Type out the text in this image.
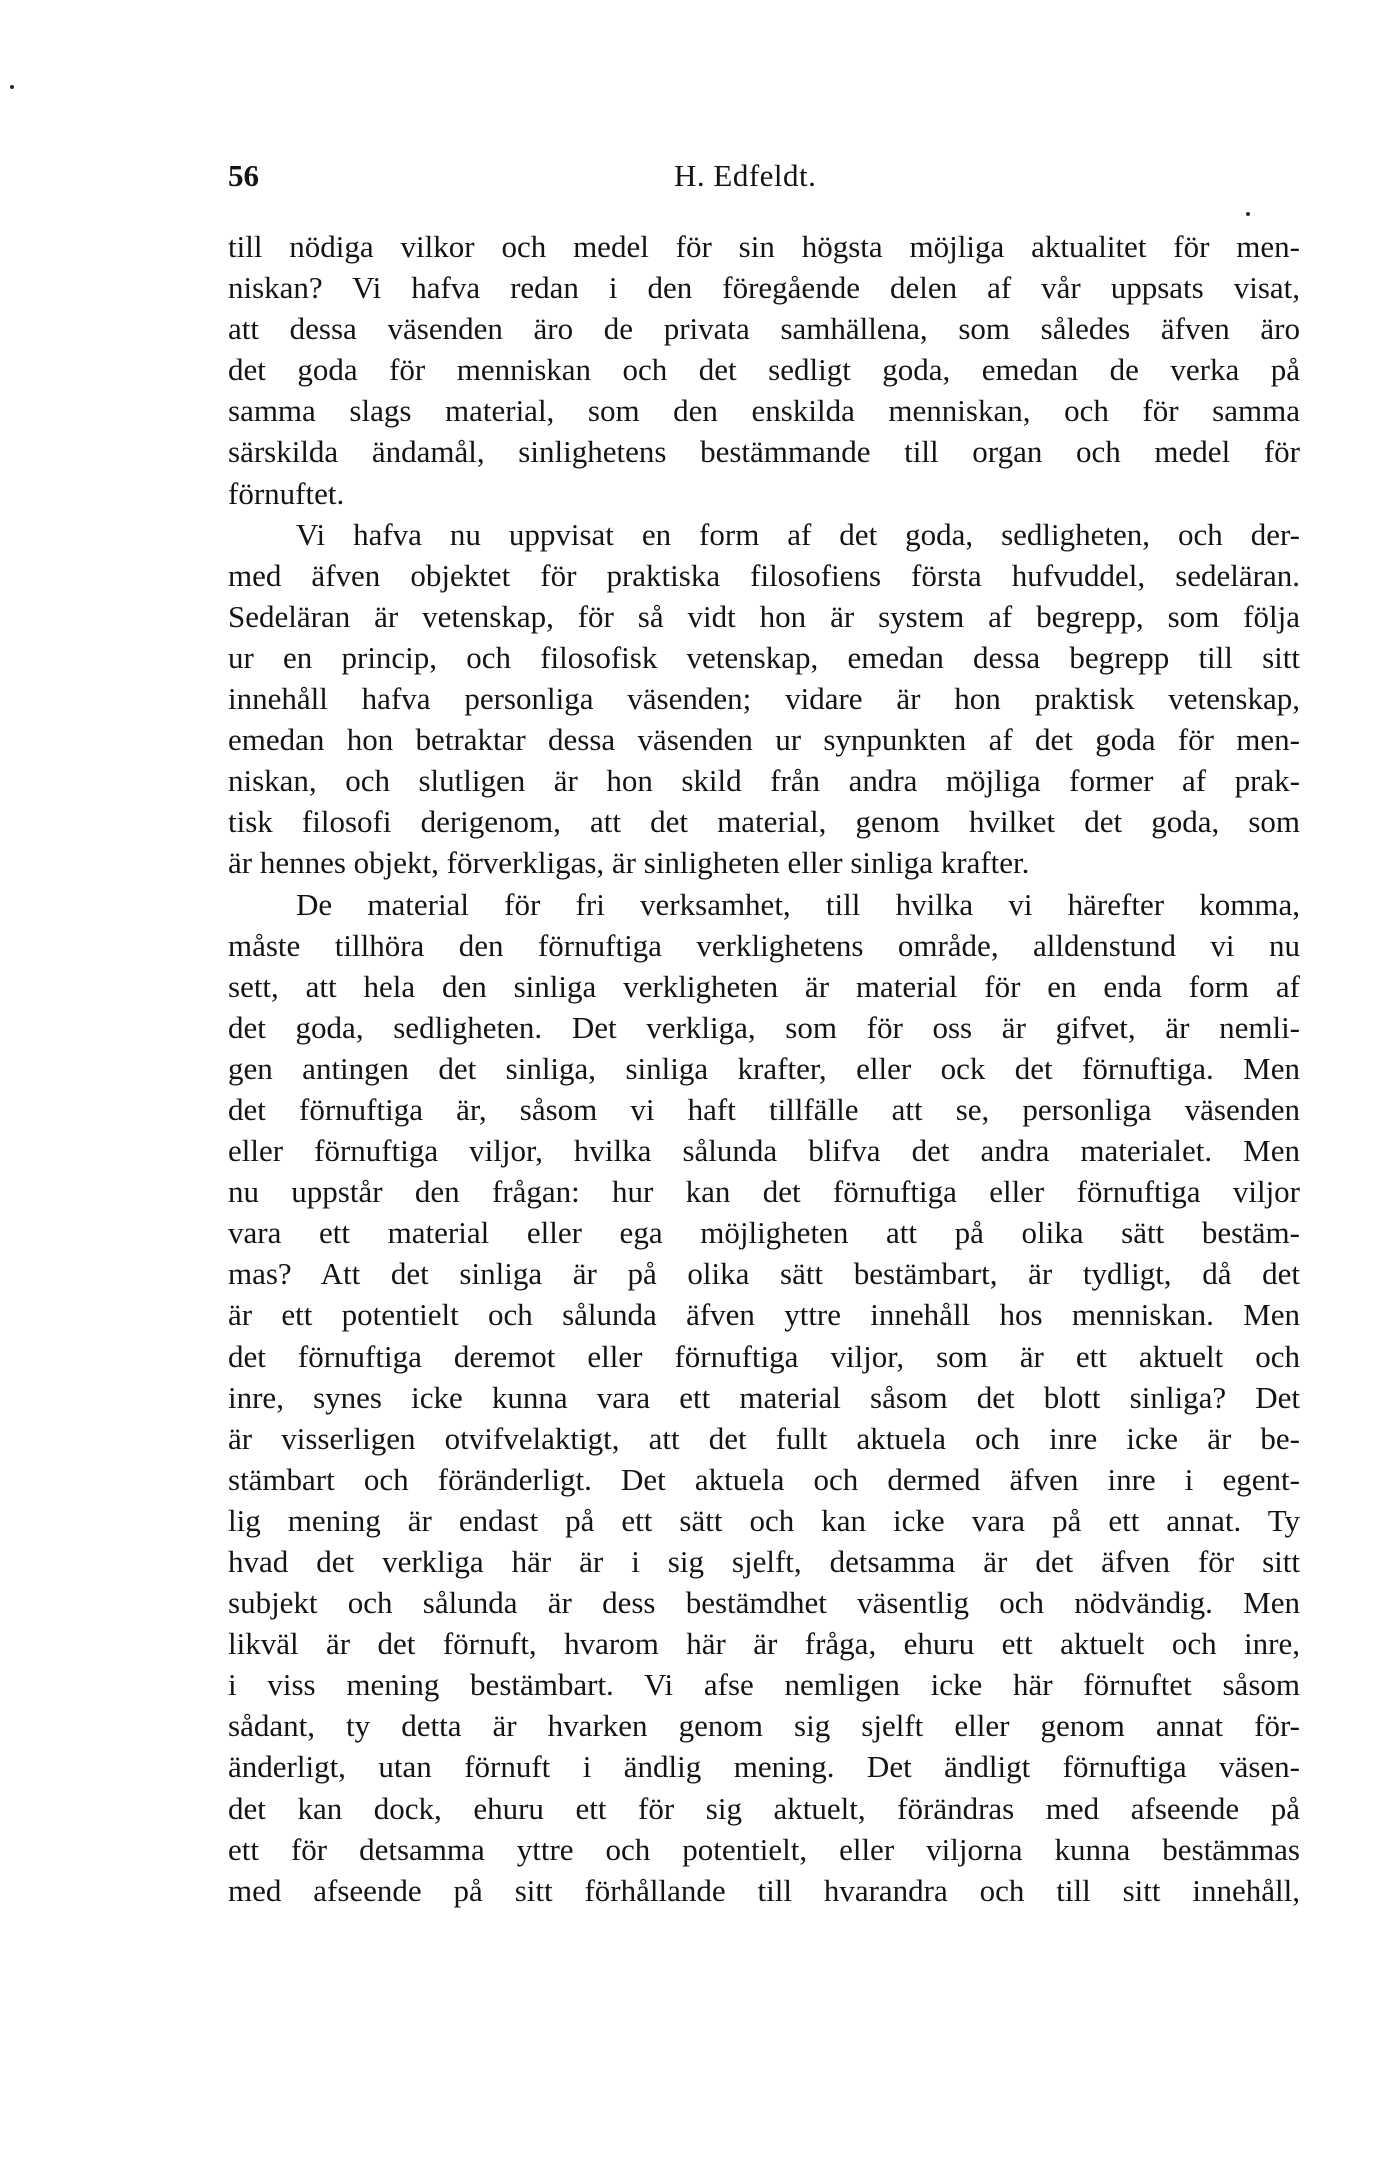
56	H. Edfeldt.
till nödiga vilkor och medel för sin högsta möjliga aktualitet för men-
niskan? Vi hafva redan i den föregående delen af vår uppsats visat,
att dessa väsenden äro de privata samhällena, som således äfven äro
det goda för menniskan och det sedligt goda, emedan de verka på
samma slags material, som den enskilda menniskan, och för samma
särskilda ändamål, sinlighetens bestämmande till organ och medel för
förnuftet.
Vi hafva nu uppvisat en form af det goda, sedligheten, och der-
med äfven objektet för praktiska filosofiens första hufvuddel, sedeläran.
Sedeläran är vetenskap, för så vidt hon är system af begrepp, som följa
ur en princip, och filosofisk vetenskap, emedan dessa begrepp till sitt
innehåll hafva personliga väsenden; vidare är hon praktisk vetenskap,
emedan hon betraktar dessa väsenden ur synpunkten af det goda för men-
niskan, och slutligen är hon skild från andra möjliga former af prak-
tisk filosofi derigenom, att det material, genom hvilket det goda, som
är hennes objekt, förverkligas, är sinligheten eller sinliga krafter.
De material för fri verksamhet, till hvilka vi härefter komma,
måste tillhöra den förnuftiga verklighetens område, alldenstund vi nu
sett, att hela den sinliga verkligheten är material för en enda form af
det goda, sedligheten. Det verkliga, som för oss är gifvet, är nemli-
gen antingen det sinliga, sinliga krafter, eller ock det förnuftiga. Men
det förnuftiga är, såsom vi haft tillfälle att se, personliga väsenden
eller förnuftiga viljor, hvilka sålunda blifva det andra materialet. Men
nu uppstår den frågan: hur kan det förnuftiga eller förnuftiga viljor
vara ett material eller ega möjligheten att på olika sätt bestäm-
mas? Att det sinliga är på olika sätt bestämbart, är tydligt, då det
är ett potentielt och sålunda äfven yttre innehåll hos menniskan. Men
det förnuftiga deremot eller förnuftiga viljor, som är ett aktuelt och
inre, synes icke kunna vara ett material såsom det blott sinliga? Det
är visserligen otvifvelaktigt, att det fullt aktuela och inre icke är be-
stämbart och föränderligt. Det aktuela och dermed äfven inre i egent-
lig mening är endast på ett sätt och kan icke vara på ett annat. Ty
hvad det verkliga här är i sig sjelft, detsamma är det äfven för sitt
subjekt och sålunda är dess bestämdhet väsentlig och nödvändig. Men
likväl är det förnuft, hvarom här är fråga, ehuru ett aktuelt och inre,
i viss mening bestämbart. Vi afse nemligen icke här förnuftet såsom
sådant, ty detta är hvarken genom sig sjelft eller genom annat för-
änderligt, utan förnuft i ändlig mening. Det ändligt förnuftiga väsen-
det kan dock, ehuru ett för sig aktuelt, förändras med afseende på
ett för detsamma yttre och potentielt, eller viljorna kunna bestämmas
med afseende på sitt förhållande till hvarandra och till sitt innehåll,
